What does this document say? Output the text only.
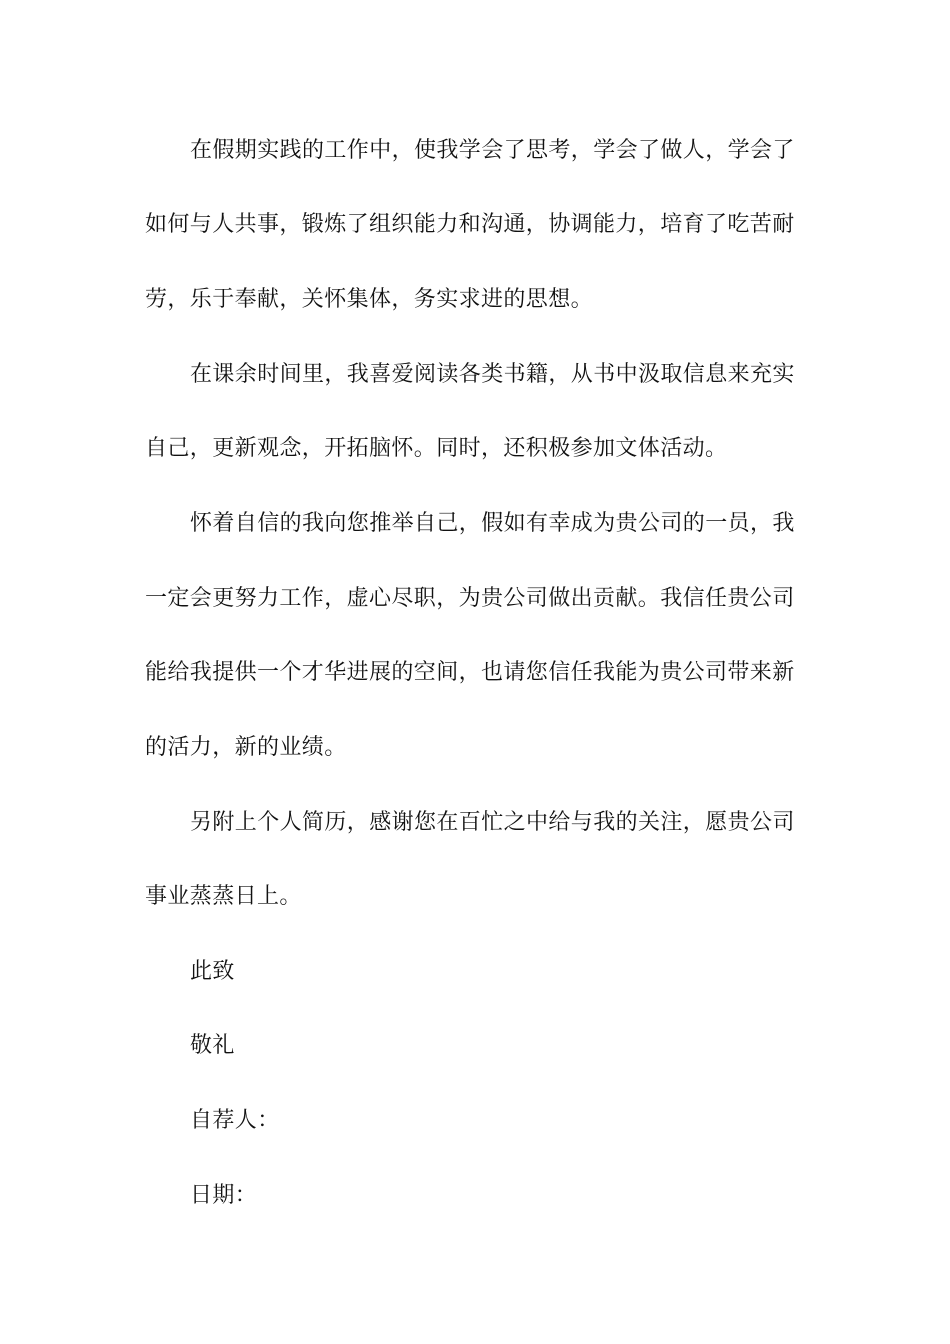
在假期实践的工作中，使我学会了思考，学会了做人，学会了
如何与人共事，锻炼了组织能力和沟通，协调能力，培育了吃苦耐
劳，乐于奉献，关怀集体，务实求进的思想。
在课余时间里，我喜爱阅读各类书籍，从书中汲取信息来充实
自己，更新观念，开拓脑怀。同时，还积极参加文体活动。
怀着自信的我向您推举自己，假如有幸成为贵公司的一员，我
一定会更努力工作，虚心尽职，为贵公司做出贡献。我信任贵公司
能给我提供一个才华进展的空间，也请您信任我能为贵公司带来新
的活力，新的业绩。
另附上个人简历，感谢您在百忙之中给与我的关注，愿贵公司
事业蒸蒸日上。
此致
敬礼
自荐人：
日期：
